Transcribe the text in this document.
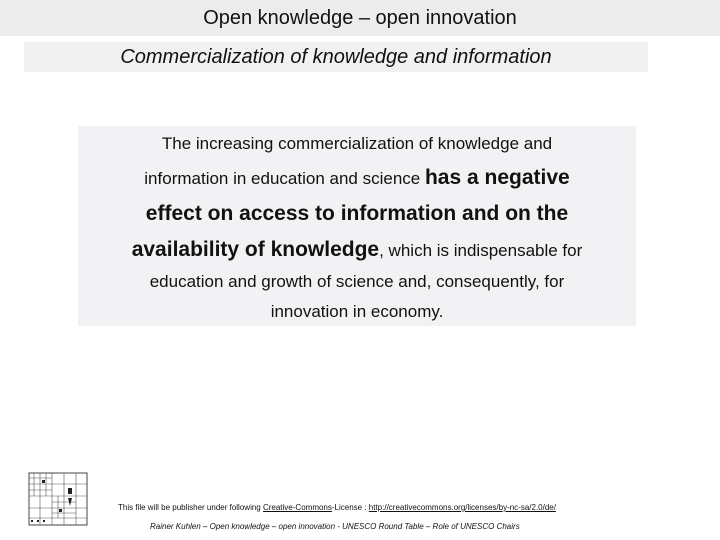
Open knowledge – open innovation
Commercialization of knowledge and information

The increasing commercialization of knowledge and

information in education and science has a negative

effect on access to information and on the

availability of knowledge, which is indispensable for

education and growth of science and, consequently, for

innovation in economy.

This file will be publisher under following Creative-Commons-License : http://creativecommons.org/licenses/by-nc-sa/2.0/de/
Rainer Kuhlen – Open knowledge – open innovation - UNESCO Round Table – Role of UNESCO Chairs
